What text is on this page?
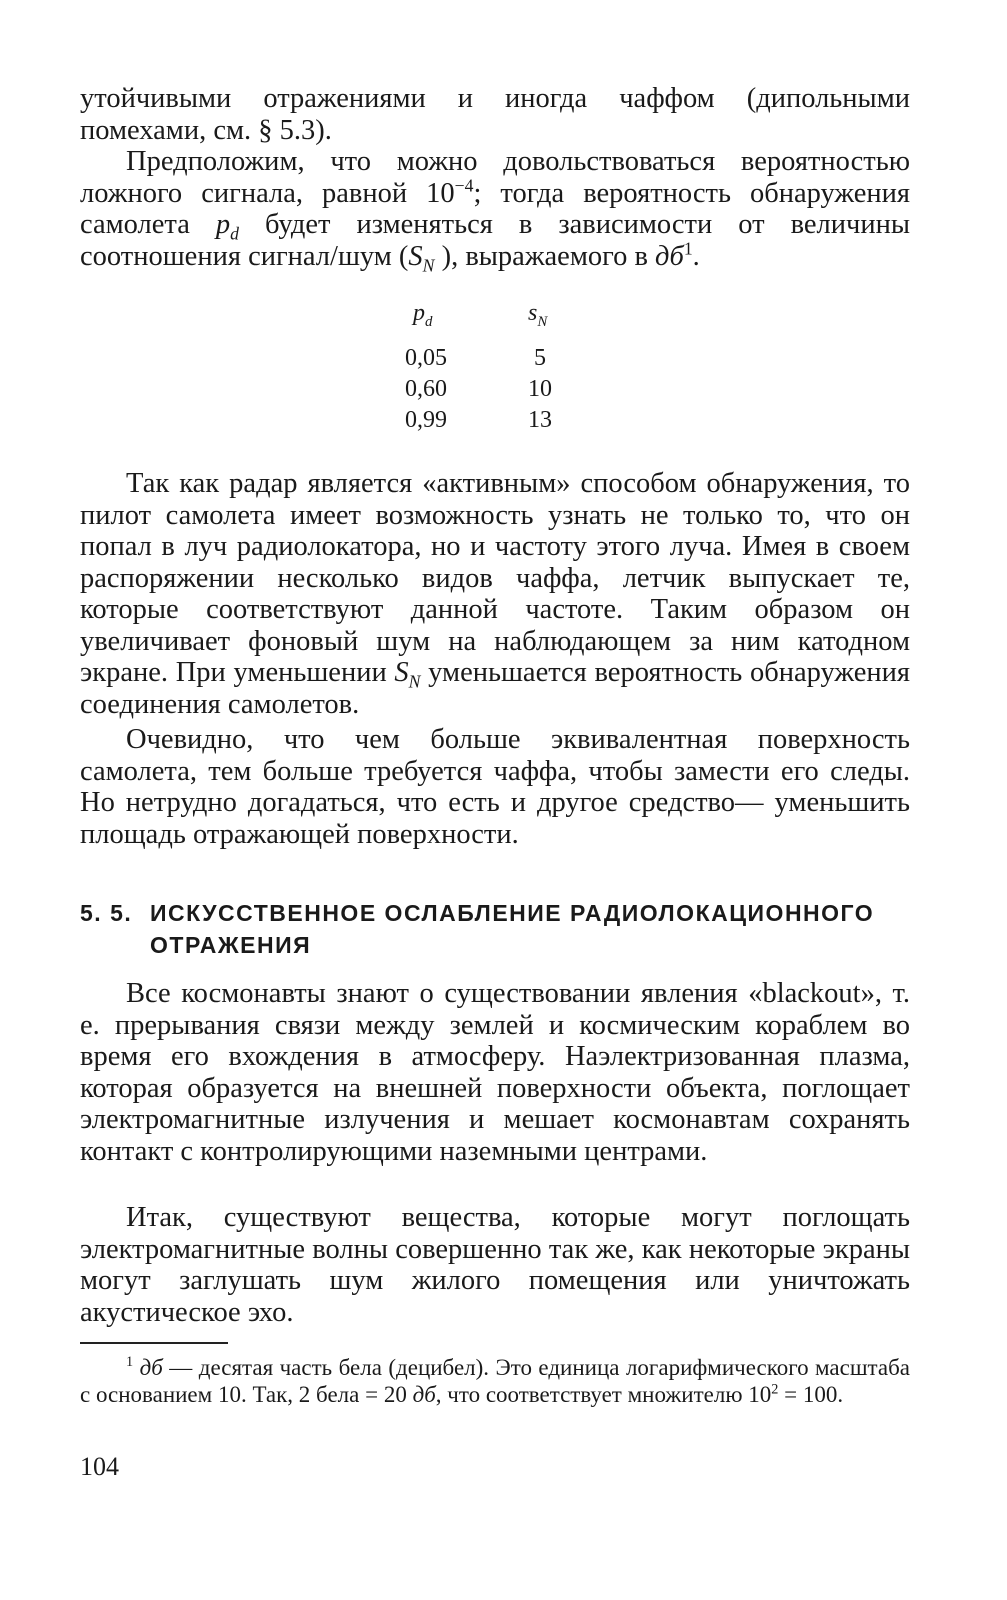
утойчивыми отражениями и иногда чаффом (дипольными помехами, см. § 5.3).

Предположим, что можно довольствоваться вероятностью ложного сигнала, равной $10^{-4}$; тогда вероятность обнаружения самолета $p_d$ будет изменяться в зависимости от величины соотношения сигнал/шум ($S_N$ ), выражаемого в $дб^1$.

$p_d$	$s_N$
0,05	5
0,60	10
0,99	13

Так как радар является «активным» способом обнаружения, то пилот самолета имеет возможность узнать не только то, что он попал в луч радиолокатора, но и частоту этого луча. Имея в своем распоряжении несколько видов чаффа, летчик выпускает те, которые соответствуют данной частоте. Таким образом он увеличивает фоновый шум на наблюдающем за ним катодном экране. При уменьшении $S_N$ уменьшается вероятность обнаружения соединения самолетов.

Очевидно, что чем больше эквивалентная поверхность самолета, тем больше требуется чаффа, чтобы замести его следы. Но нетрудно догадаться, что есть и другое средство— уменьшить площадь отражающей поверхности.

5. 5. ИСКУССТВЕННОЕ ОСЛАБЛЕНИЕ РАДИОЛОКАЦИОННОГО
ОТРАЖЕНИЯ

Все космонавты знают о существовании явления «blackout», т. е. прерывания связи между землей и космическим кораблем во время его вхождения в атмосферу. Наэлектризованная плазма, которая образуется на внешней поверхности объекта, поглощает электромагнитные излучения и мешает космонавтам сохранять контакт с контролирующими наземными центрами.

Итак, существуют вещества, которые могут поглощать электромагнитные волны совершенно так же, как некоторые экраны могут заглушать шум жилого помещения или уничтожать акустическое эхо.

$^1$ дб — десятая часть бела (децибел). Это единица логарифмического масштаба с основанием 10. Так, 2 бела = 20 дб, что соответствует множителю $10^2 = 100$.

104
